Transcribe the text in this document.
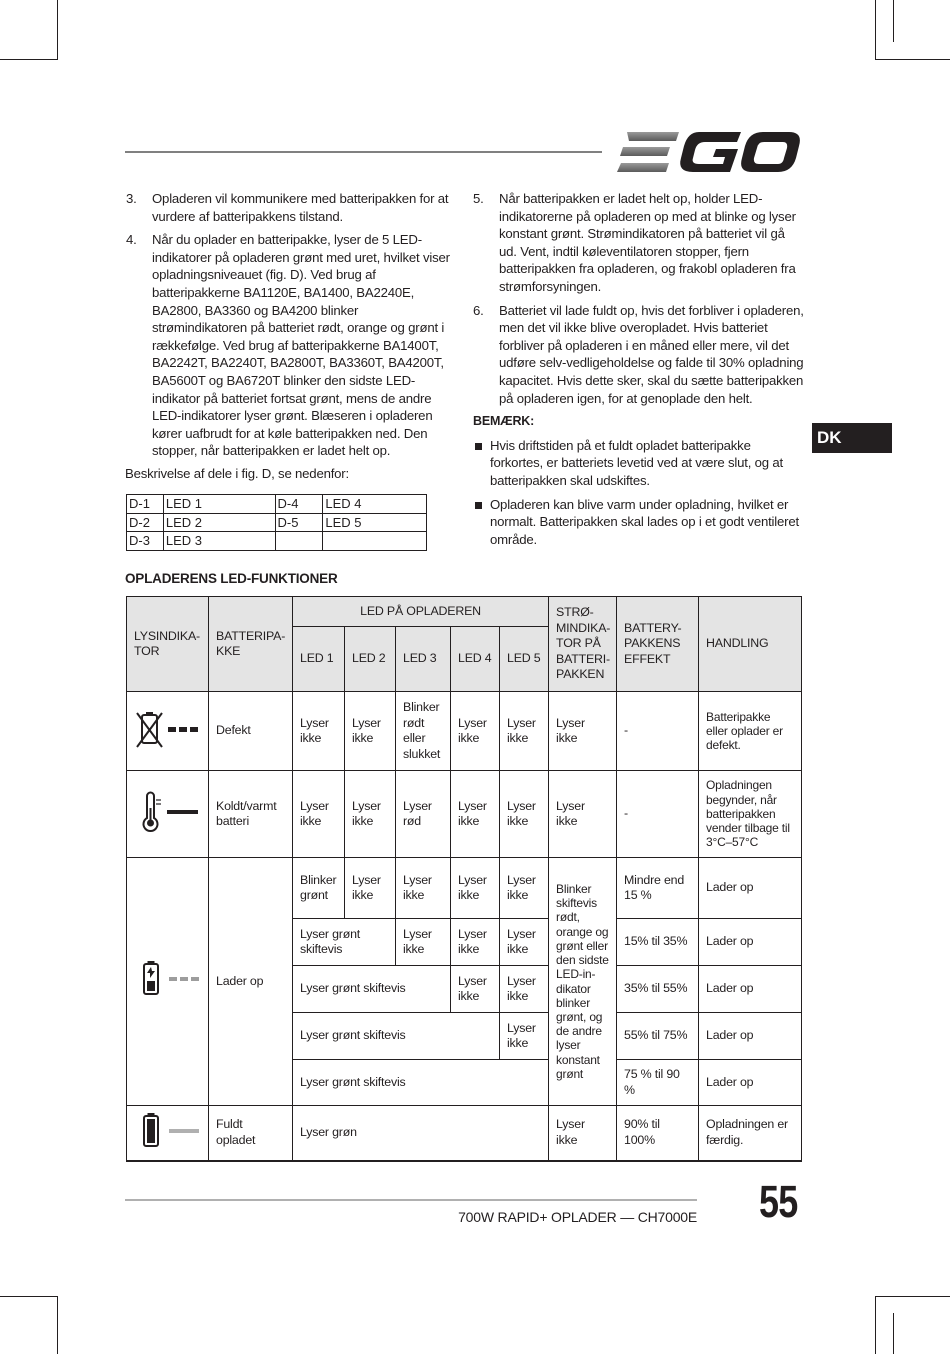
3. Opladeren vil kommunikere med batteripakken for at vurdere af batteripakkens tilstand.
4. Når du oplader en batteripakke, lyser de 5 LED-indikatorer på opladeren grønt med uret, hvilket viser opladningsniveauet (fig. D). Ved brug af batteripakkerne BA1120E, BA1400, BA2240E, BA2800, BA3360 og BA4200 blinker strømindikatoren på batteriet rødt, orange og grønt i rækkefølge. Ved brug af batteripakkerne BA1400T, BA2242T, BA2240T, BA2800T, BA3360T, BA4200T, BA5600T og BA6720T blinker den sidste LED-indikator på batteriet fortsat grønt, mens de andre LED-indikatorer lyser grønt. Blæseren i opladeren kører uafbrudt for at køle batteripakken ned. Den stopper, når batteripakken er ladet helt op.
Beskrivelse af dele i fig. D, se nedenfor:
D-1	LED 1	D-4	LED 4
D-2	LED 2	D-5	LED 5
D-3	LED 3		
5. Når batteripakken er ladet helt op, holder LED-indikatorerne på opladeren op med at blinke og lyser konstant grønt. Strømindikatoren på batteriet vil gå ud. Vent, indtil køleventilatoren stopper, fjern batteripakken fra opladeren, og frakobl opladeren fra strømforsyningen.
6. Batteriet vil lade fuldt op, hvis det forbliver i opladeren, men det vil ikke blive overopladet. Hvis batteriet forbliver på opladeren i en måned eller mere, vil det udføre selv-vedligeholdelse og falde til 30% opladning kapacitet. Hvis dette sker, skal du sætte batteripakken på opladeren igen, for at genoplade den helt.
BEMÆRK:
Hvis driftstiden på et fuldt opladet batteripakke forkortes, er batteriets levetid ved at være slut, og at batteripakken skal udskiftes.
Opladeren kan blive varm under opladning, hvilket er normalt. Batteripakken skal lades op i et godt ventileret område.
DK
OPLADERENS LED-FUNKTIONER
LYSINDIKA-TOR	BATTERIPA-KKE	LED PÅ OPLADEREN					STRØ-MINDIKA-TOR PÅ BATTERI-PAKKEN	BATTERY-PAKKENS EFFEKT	HANDLING
		LED 1	LED 2	LED 3	LED 4	LED 5			
	Defekt	Lyser ikke	Lyser ikke	Blinker rødt eller slukket	Lyser ikke	Lyser ikke	Lyser ikke	-	Batteripakke eller oplader er defekt.
	Koldt/varmt batteri	Lyser ikke	Lyser ikke	Lyser rød	Lyser ikke	Lyser ikke	Lyser ikke	-	Opladningen begynder, når batteripakken vender tilbage til 3°C–57°C
	Lader op	Blinker grønt	Lyser ikke	Lyser ikke	Lyser ikke	Lyser ikke	Blinker skiftevis rødt, orange og grønt eller den sidste LED-in-dikator blinker grønt, og de andre lyser konstant grønt	Mindre end 15 %	Lader op
		Lyser grønt skiftevis		Lyser ikke	Lyser ikke	Lyser ikke		15% til 35%	Lader op
		Lyser grønt skiftevis			Lyser ikke	Lyser ikke		35% til 55%	Lader op
		Lyser grønt skiftevis				Lyser ikke		55% til 75%	Lader op
		Lyser grønt skiftevis						75 % til 90 %	Lader op
	Fuldt opladet	Lyser grøn					Lyser ikke	90% til 100%	Opladningen er færdig.
700W RAPID+ OPLADER — CH7000E 55
